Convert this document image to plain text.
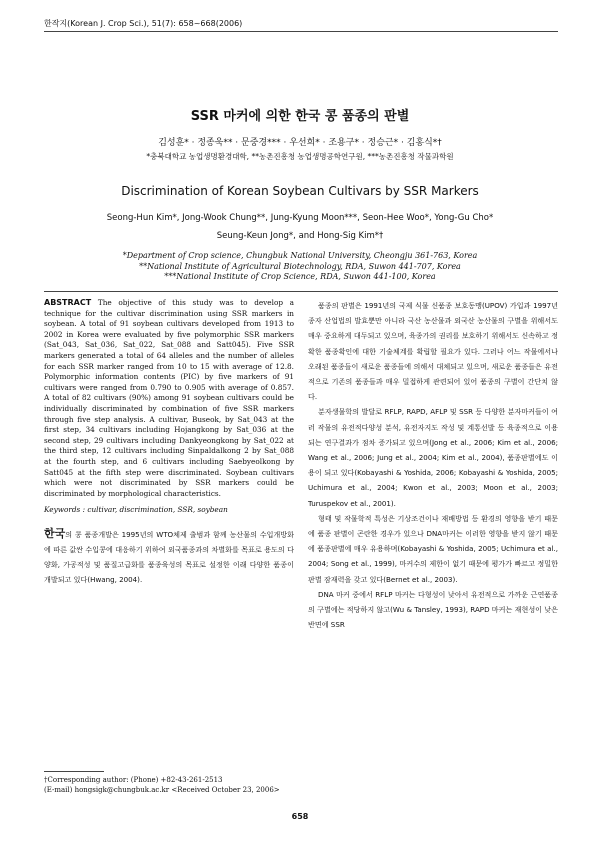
한작지(Korean J. Crop Sci.), 51(7): 658~668(2006)
SSR 마커에 의한 한국 콩 품종의 판별
김성훈* · 정종욱** · 문중경*** · 우선희* · 조용구* · 정승근* · 김홍식*†
*충북대학교 농업생명환경대학, **농촌진흥청 농업생명공학연구원, ***농촌진흥청 작물과학원
Discrimination of Korean Soybean Cultivars by SSR Markers
Seong-Hun Kim*, Jong-Wook Chung**, Jung-Kyung Moon***, Seon-Hee Woo*, Yong-Gu Cho*
Seung-Keun Jong*, and Hong-Sig Kim*†
*Department of Crop science, Chungbuk National University, Cheongju 361-763, Korea
**National Institute of Agricultural Biotechnology, RDA, Suwon 441-707, Korea
***National Institute of Crop Science, RDA, Suwon 441-100, Korea

ABSTRACT The objective of this study was to develop a technique for the cultivar discrimination using SSR markers in soybean. A total of 91 soybean cultivars developed from 1913 to 2002 in Korea were evaluated by five polymorphic SSR markers (Sat_043, Sat_036, Sat_022, Sat_088 and Satt045). Five SSR markers generated a total of 64 alleles and the number of alleles for each SSR marker ranged from 10 to 15 with average of 12.8. Polymorphic information contents (PIC) by five markers of 91 cultivars were ranged from 0.790 to 0.905 with average of 0.857. A total of 82 cultivars (90%) among 91 soybean cultivars could be individually discriminated by combination of five SSR markers through five step analysis. A cultivar, Buseok, by Sat_043 at the first step, 34 cultivars including Hojangkong by Sat_036 at the second step, 29 cultivars including Dankyeongkong by Sat_022 at the third step, 12 cultivars including Sinpaldalkong 2 by Sat_088 at the fourth step, and 6 cultivars including Saebyeolkong by Satt045 at the fifth step were discriminated. Soybean cultivars which were not discriminated by SSR markers could be discriminated by morphological characteristics.

Keywords : cultivar, discrimination, SSR, soybean

한국의 콩 품종개발은 1995년의 WTO체제 출범과 함께 농산물의 수입개방화에 따른 값싼 수입콩에 대응하기 위하여 외국품종과의 차별화를 목표로 용도의 다양화, 가공적성 및 품질고급화를 품종육성의 목표로 설정한 이래 다양한 품종이 개발되고 있다(Hwang, 2004).

품종의 판별은 1991년의 국제 식물 신품종 보호동맹(UPOV) 가입과 1997년 종자 산업법의 발효뿐만 아니라 국산 농산물과 외국산 농산물의 구별을 위해서도 매우 중요하게 대두되고 있으며, 육종가의 권리를 보호하기 위해서도 신속하고 정확한 품종확인에 대한 기술체계를 확립할 필요가 있다. 그러나 어느 작물에서나 오래된 품종들이 새로운 품종들에 의해서 대체되고 있으며, 새로운 품종들은 유전적으로 기존의 품종들과 매우 밀접하게 관련되어 있어 품종의 구별이 간단치 않다.

분자생물학의 발달로 RFLP, RAPD, AFLP 및 SSR 등 다양한 분자마커들이 여러 작물의 유전적다양성 분석, 유전자지도 작성 및 계통선발 등 육종적으로 이용되는 연구결과가 점차 증가되고 있으며(Jong et al., 2006; Kim et al., 2006; Wang et al., 2006; Jung et al., 2004; Kim et al., 2004), 품종판별에도 이용이 되고 있다(Kobayashi & Yoshida, 2006; Kobayashi & Yoshida, 2005; Uchimura et al., 2004; Kwon et al., 2003; Moon et al., 2003; Turuspekov et al., 2001).

형태 및 작물학적 특성은 기상조건이나 재배방법 등 환경의 영향을 받기 때문에 품종 판별이 곤란한 경우가 있으나 DNA마커는 이러한 영향을 받지 않기 때문에 품종판별에 매우 유용하며(Kobayashi & Yoshida, 2005; Uchimura et al., 2004; Song et al., 1999), 마커수의 제한이 없기 때문에 평가가 빠르고 정밀한 판별 잠재력을 갖고 있다(Bernet et al., 2003).

DNA 마커 중에서 RFLP 마커는 다형성이 낮아서 유전적으로 가까운 근연품종의 구별에는 적당하지 않고(Wu & Tansley, 1993), RAPD 마커는 재현성이 낮은 반면에 SSR

†Corresponding author: (Phone) +82-43-261-2513
(E-mail) hongsigk@chungbuk.ac.kr <Received October 23, 2006>
658
